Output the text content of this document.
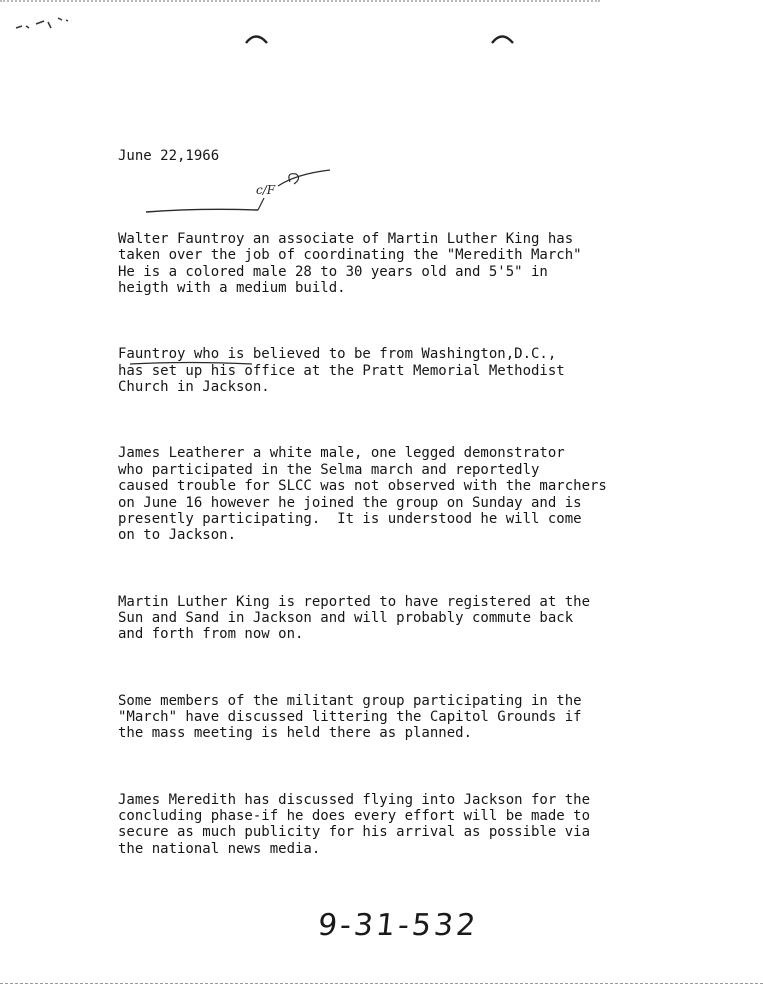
June 22,1966

Walter Fauntroy an associate of Martin Luther King has
taken over the job of coordinating the "Meredith March"
He is a colored male 28 to 30 years old and 5'5" in
heigth with a medium build.

Fauntroy who is believed to be from Washington,D.C.,
has set up his office at the Pratt Memorial Methodist
Church in Jackson.

James Leatherer a white male, one legged demonstrator
who participated in the Selma march and reportedly
caused trouble for SLCC was not observed with the marchers
on June 16 however he joined the group on Sunday and is
presently participating.  It is understood he will come
on to Jackson.

Martin Luther King is reported to have registered at the
Sun and Sand in Jackson and will probably commute back
and forth from now on.

Some members of the militant group participating in the
"March" have discussed littering the Capitol Grounds if
the mass meeting is held there as planned.

James Meredith has discussed flying into Jackson for the
concluding phase-if he does every effort will be made to
secure as much publicity for his arrival as possible via
the national news media.

c/F
9-31-532
